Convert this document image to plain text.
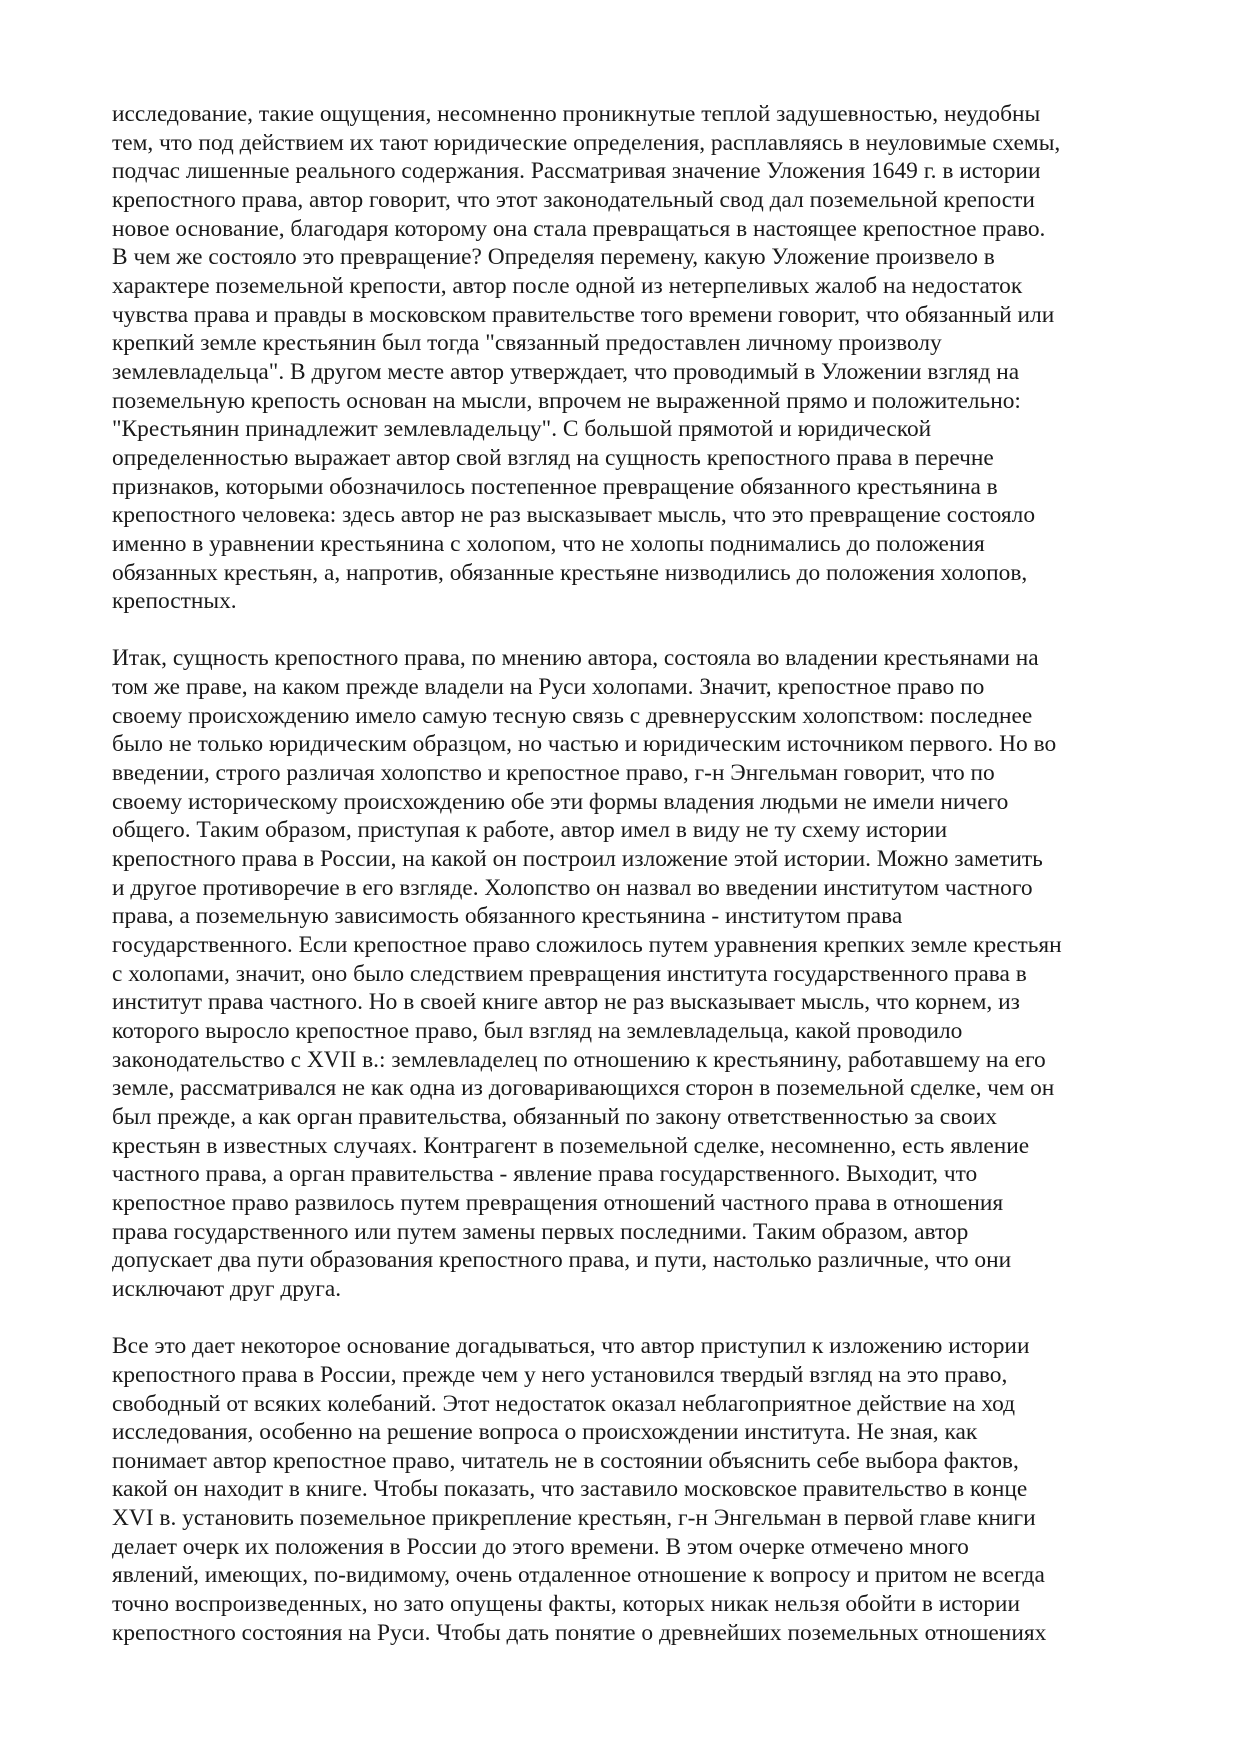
исследование, такие ощущения, несомненно проникнутые теплой задушевностью, неудобны
тем, что под действием их тают юридические определения, расплавляясь в неуловимые схемы,
подчас лишенные реального содержания. Рассматривая значение Уложения 1649 г. в истории
крепостного права, автор говорит, что этот законодательный свод дал поземельной крепости
новое основание, благодаря которому она стала превращаться в настоящее крепостное право.
В чем же состояло это превращение? Определяя перемену, какую Уложение произвело в
характере поземельной крепости, автор после одной из нетерпеливых жалоб на недостаток
чувства права и правды в московском правительстве того времени говорит, что обязанный или
крепкий земле крестьянин был тогда "связанный предоставлен личному произволу
землевладельца". В другом месте автор утверждает, что проводимый в Уложении взгляд на
поземельную крепость основан на мысли, впрочем не выраженной прямо и положительно:
"Крестьянин принадлежит землевладельцу". С большой прямотой и юридической
определенностью выражает автор свой взгляд на сущность крепостного права в перечне
признаков, которыми обозначилось постепенное превращение обязанного крестьянина в
крепостного человека: здесь автор не раз высказывает мысль, что это превращение состояло
именно в уравнении крестьянина с холопом, что не холопы поднимались до положения
обязанных крестьян, а, напротив, обязанные крестьяне низводились до положения холопов,
крепостных.
Итак, сущность крепостного права, по мнению автора, состояла во владении крестьянами на
том же праве, на каком прежде владели на Руси холопами. Значит, крепостное право по
своему происхождению имело самую тесную связь с древнерусским холопством: последнее
было не только юридическим образцом, но частью и юридическим источником первого. Но во
введении, строго различая холопство и крепостное право, г-н Энгельман говорит, что по
своему историческому происхождению обе эти формы владения людьми не имели ничего
общего. Таким образом, приступая к работе, автор имел в виду не ту схему истории
крепостного права в России, на какой он построил изложение этой истории. Можно заметить
и другое противоречие в его взгляде. Холопство он назвал во введении институтом частного
права, а поземельную зависимость обязанного крестьянина - институтом права
государственного. Если крепостное право сложилось путем уравнения крепких земле крестьян
с холопами, значит, оно было следствием превращения института государственного права в
институт права частного. Но в своей книге автор не раз высказывает мысль, что корнем, из
которого выросло крепостное право, был взгляд на землевладельца, какой проводило
законодательство с XVII в.: землевладелец по отношению к крестьянину, работавшему на его
земле, рассматривался не как одна из договаривающихся сторон в поземельной сделке, чем он
был прежде, а как орган правительства, обязанный по закону ответственностью за своих
крестьян в известных случаях. Контрагент в поземельной сделке, несомненно, есть явление
частного права, а орган правительства - явление права государственного. Выходит, что
крепостное право развилось путем превращения отношений частного права в отношения
права государственного или путем замены первых последними. Таким образом, автор
допускает два пути образования крепостного права, и пути, настолько различные, что они
исключают друг друга.
Все это дает некоторое основание догадываться, что автор приступил к изложению истории
крепостного права в России, прежде чем у него установился твердый взгляд на это право,
свободный от всяких колебаний. Этот недостаток оказал неблагоприятное действие на ход
исследования, особенно на решение вопроса о происхождении института. Не зная, как
понимает автор крепостное право, читатель не в состоянии объяснить себе выбора фактов,
какой он находит в книге. Чтобы показать, что заставило московское правительство в конце
XVI в. установить поземельное прикрепление крестьян, г-н Энгельман в первой главе книги
делает очерк их положения в России до этого времени. В этом очерке отмечено много
явлений, имеющих, по-видимому, очень отдаленное отношение к вопросу и притом не всегда
точно воспроизведенных, но зато опущены факты, которых никак нельзя обойти в истории
крепостного состояния на Руси. Чтобы дать понятие о древнейших поземельных отношениях
